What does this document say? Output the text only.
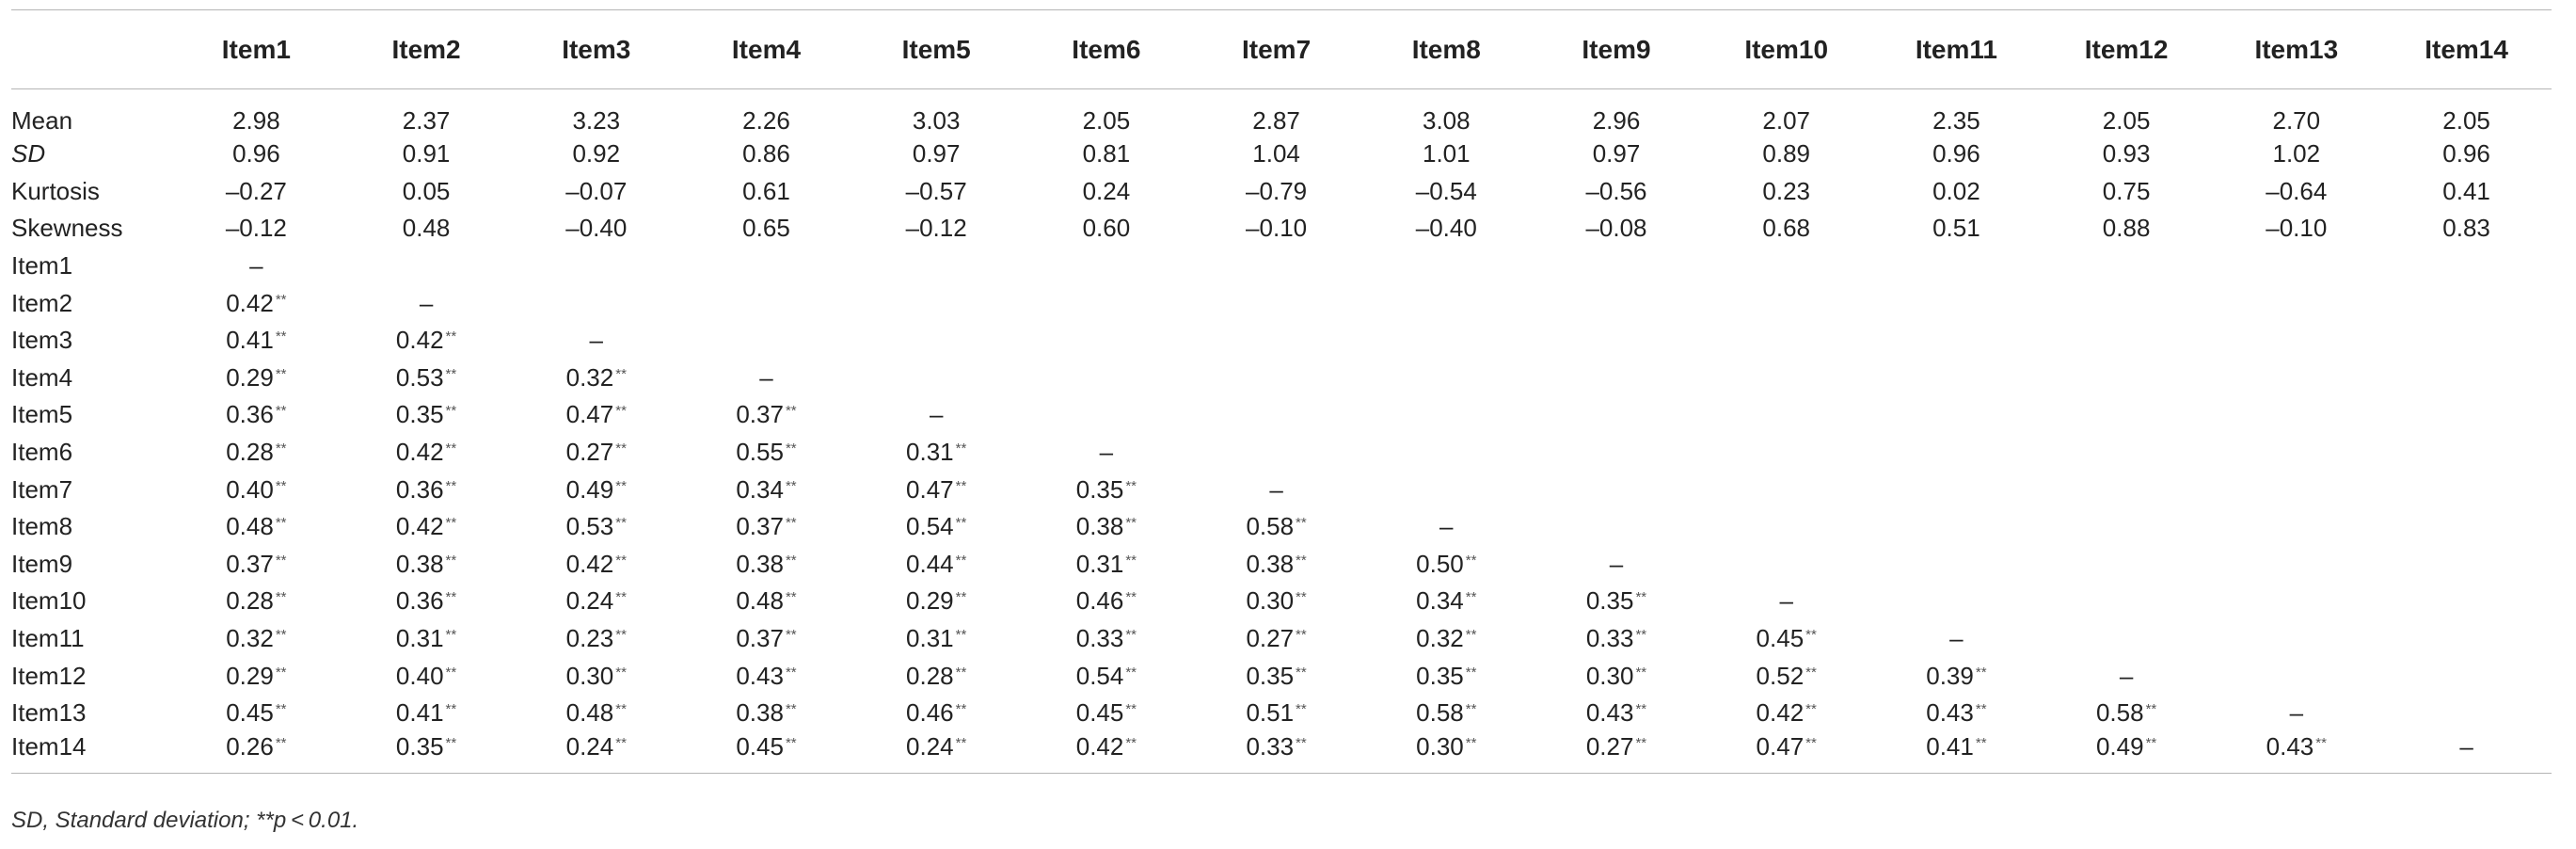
	Item1	Item2	Item3	Item4	Item5	Item6	Item7	Item8	Item9	Item10	Item11	Item12	Item13	Item14
Mean	2.98	2.37	3.23	2.26	3.03	2.05	2.87	3.08	2.96	2.07	2.35	2.05	2.70	2.05
SD	0.96	0.91	0.92	0.86	0.97	0.81	1.04	1.01	0.97	0.89	0.96	0.93	1.02	0.96
Kurtosis	–0.27	0.05	–0.07	0.61	–0.57	0.24	–0.79	–0.54	–0.56	0.23	0.02	0.75	–0.64	0.41
Skewness	–0.12	0.48	–0.40	0.65	–0.12	0.60	–0.10	–0.40	–0.08	0.68	0.51	0.88	–0.10	0.83
Item1	–													
Item2	0.42 **	–												
Item3	0.41 **	0.42 **	–											
Item4	0.29 **	0.53 **	0.32 **	–										
Item5	0.36 **	0.35 **	0.47 **	0.37 **	–									
Item6	0.28 **	0.42 **	0.27 **	0.55 **	0.31 **	–								
Item7	0.40 **	0.36 **	0.49 **	0.34 **	0.47 **	0.35 **	–							
Item8	0.48 **	0.42 **	0.53 **	0.37 **	0.54 **	0.38 **	0.58 **	–						
Item9	0.37 **	0.38 **	0.42 **	0.38 **	0.44 **	0.31 **	0.38 **	0.50 **	–					
Item10	0.28 **	0.36 **	0.24 **	0.48 **	0.29 **	0.46 **	0.30 **	0.34 **	0.35 **	–				
Item11	0.32 **	0.31 **	0.23 **	0.37 **	0.31 **	0.33 **	0.27 **	0.32 **	0.33 **	0.45 **	–			
Item12	0.29 **	0.40 **	0.30 **	0.43 **	0.28 **	0.54 **	0.35 **	0.35 **	0.30 **	0.52 **	0.39 **	–		
Item13	0.45 **	0.41 **	0.48 **	0.38 **	0.46 **	0.45 **	0.51 **	0.58 **	0.43 **	0.42 **	0.43 **	0.58 **	–	
Item14	0.26 **	0.35 **	0.24 **	0.45 **	0.24 **	0.42 **	0.33 **	0.30 **	0.27 **	0.47 **	0.41 **	0.49 **	0.43 **	–
SD, Standard deviation; **p < 0.01.
